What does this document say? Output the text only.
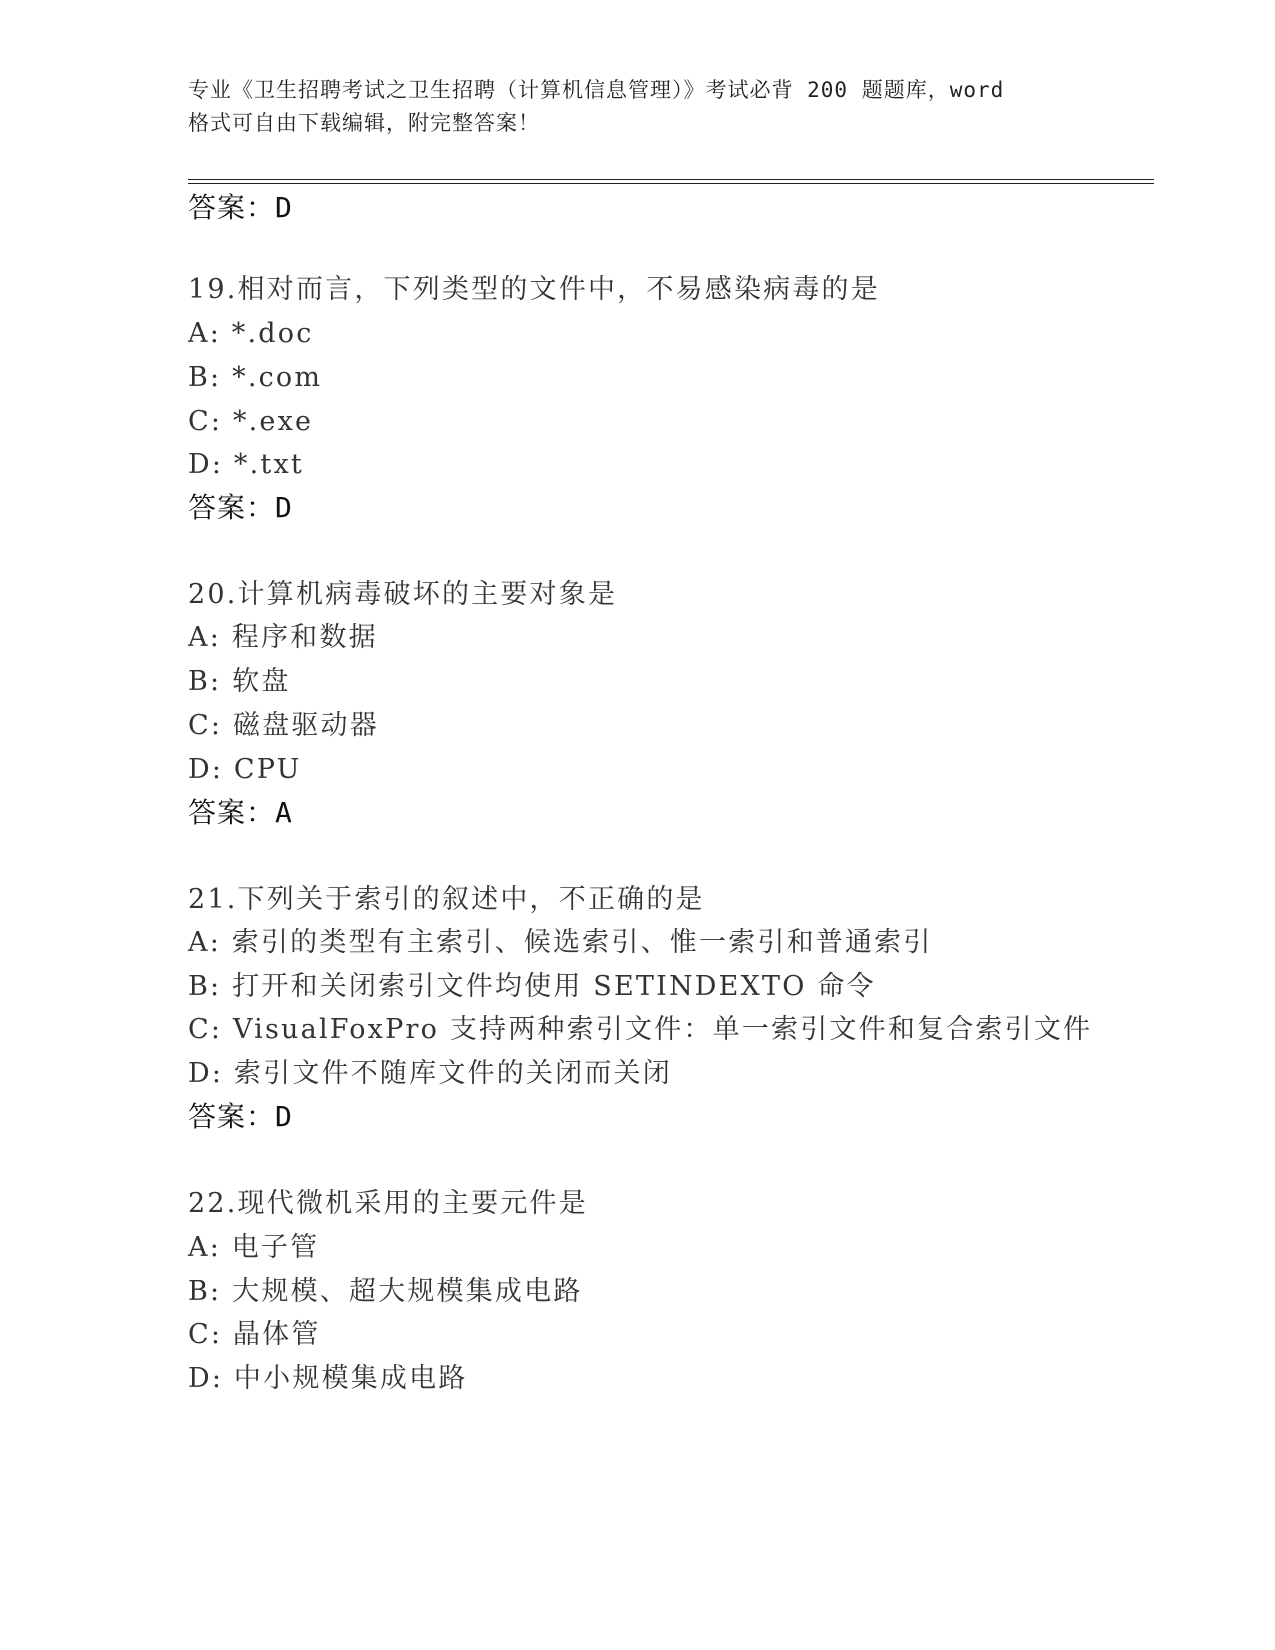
专业《卫生招聘考试之卫生招聘（计算机信息管理）》考试必背 200 题题库，word
格式可自由下载编辑，附完整答案！
答案：D
19.相对而言，下列类型的文件中，不易感染病毒的是
A: *.doc
B: *.com
C: *.exe
D: *.txt
答案：D
20.计算机病毒破坏的主要对象是
A: 程序和数据
B: 软盘
C: 磁盘驱动器
D: CPU
答案：A
21.下列关于索引的叙述中，不正确的是
A: 索引的类型有主索引、候选索引、惟一索引和普通索引
B: 打开和关闭索引文件均使用 SETINDEXTO 命令
C: VisualFoxPro 支持两种索引文件：单一索引文件和复合索引文件
D: 索引文件不随库文件的关闭而关闭
答案：D
22.现代微机采用的主要元件是
A: 电子管
B: 大规模、超大规模集成电路
C: 晶体管
D: 中小规模集成电路
